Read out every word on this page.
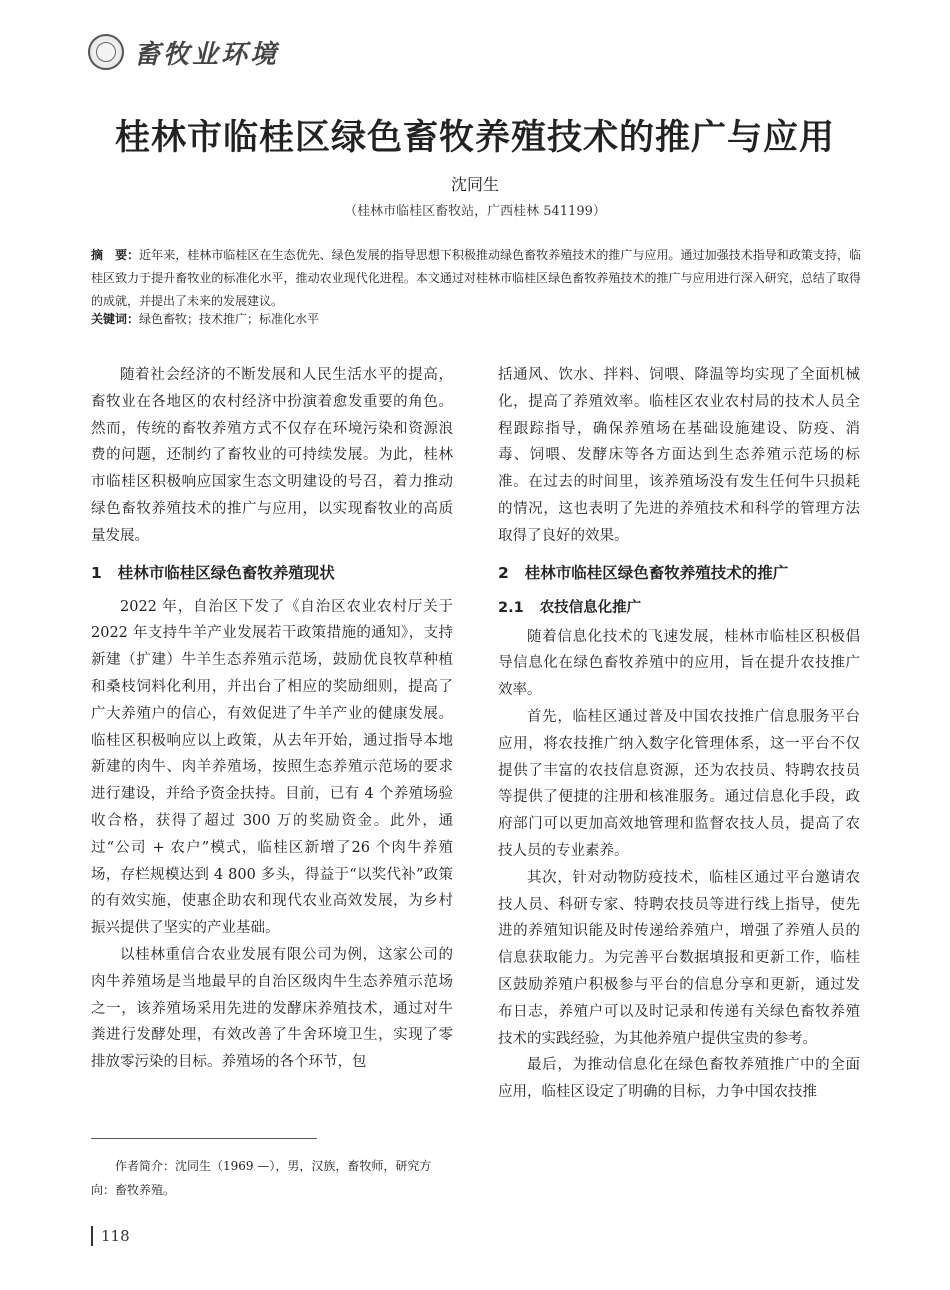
畜牧业环境
桂林市临桂区绿色畜牧养殖技术的推广与应用
沈同生
（桂林市临桂区畜牧站，广西桂林 541199）
摘　要：近年来，桂林市临桂区在生态优先、绿色发展的指导思想下积极推动绿色畜牧养殖技术的推广与应用。通过加强技术指导和政策支持，临桂区致力于提升畜牧业的标准化水平，推动农业现代化进程。本文通过对桂林市临桂区绿色畜牧养殖技术的推广与应用进行深入研究，总结了取得的成就，并提出了未来的发展建议。
关键词：绿色畜牧；技术推广；标准化水平

随着社会经济的不断发展和人民生活水平的提高，畜牧业在各地区的农村经济中扮演着愈发重要的角色。然而，传统的畜牧养殖方式不仅存在环境污染和资源浪费的问题，还制约了畜牧业的可持续发展。为此，桂林市临桂区积极响应国家生态文明建设的号召，着力推动绿色畜牧养殖技术的推广与应用，以实现畜牧业的高质量发展。

1 桂林市临桂区绿色畜牧养殖现状

2022 年，自治区下发了《自治区农业农村厅关于2022 年支持牛羊产业发展若干政策措施的通知》，支持新建（扩建）牛羊生态养殖示范场，鼓励优良牧草种植和桑枝饲料化利用，并出台了相应的奖励细则，提高了广大养殖户的信心，有效促进了牛羊产业的健康发展。临桂区积极响应以上政策，从去年开始，通过指导本地新建的肉牛、肉羊养殖场，按照生态养殖示范场的要求进行建设，并给予资金扶持。目前，已有 4 个养殖场验收合格，获得了超过 300 万的奖励资金。此外，通过“公司 + 农户”模式，临桂区新增了26 个肉牛养殖场，存栏规模达到 4 800 多头，得益于“以奖代补”政策的有效实施，使惠企助农和现代农业高效发展，为乡村振兴提供了坚实的产业基础。

以桂林重信合农业发展有限公司为例，这家公司的肉牛养殖场是当地最早的自治区级肉牛生态养殖示范场之一，该养殖场采用先进的发酵床养殖技术，通过对牛粪进行发酵处理，有效改善了牛舍环境卫生，实现了零排放零污染的目标。养殖场的各个环节，包

括通风、饮水、拌料、饲喂、降温等均实现了全面机械化，提高了养殖效率。临桂区农业农村局的技术人员全程跟踪指导，确保养殖场在基础设施建设、防疫、消毒、饲喂、发酵床等各方面达到生态养殖示范场的标准。在过去的时间里，该养殖场没有发生任何牛只损耗的情况，这也表明了先进的养殖技术和科学的管理方法取得了良好的效果。

2 桂林市临桂区绿色畜牧养殖技术的推广
2.1 农技信息化推广

随着信息化技术的飞速发展，桂林市临桂区积极倡导信息化在绿色畜牧养殖中的应用，旨在提升农技推广效率。

首先，临桂区通过普及中国农技推广信息服务平台应用，将农技推广纳入数字化管理体系，这一平台不仅提供了丰富的农技信息资源，还为农技员、特聘农技员等提供了便捷的注册和核准服务。通过信息化手段，政府部门可以更加高效地管理和监督农技人员，提高了农技人员的专业素养。

其次，针对动物防疫技术，临桂区通过平台邀请农技人员、科研专家、特聘农技员等进行线上指导，使先进的养殖知识能及时传递给养殖户，增强了养殖人员的信息获取能力。为完善平台数据填报和更新工作，临桂区鼓励养殖户积极参与平台的信息分享和更新，通过发布日志，养殖户可以及时记录和传递有关绿色畜牧养殖技术的实践经验，为其他养殖户提供宝贵的参考。

最后，为推动信息化在绿色畜牧养殖推广中的全面应用，临桂区设定了明确的目标，力争中国农技推

作者简介：沈同生（1969 —），男，汉族，畜牧师，研究方向：畜牧养殖。

118
